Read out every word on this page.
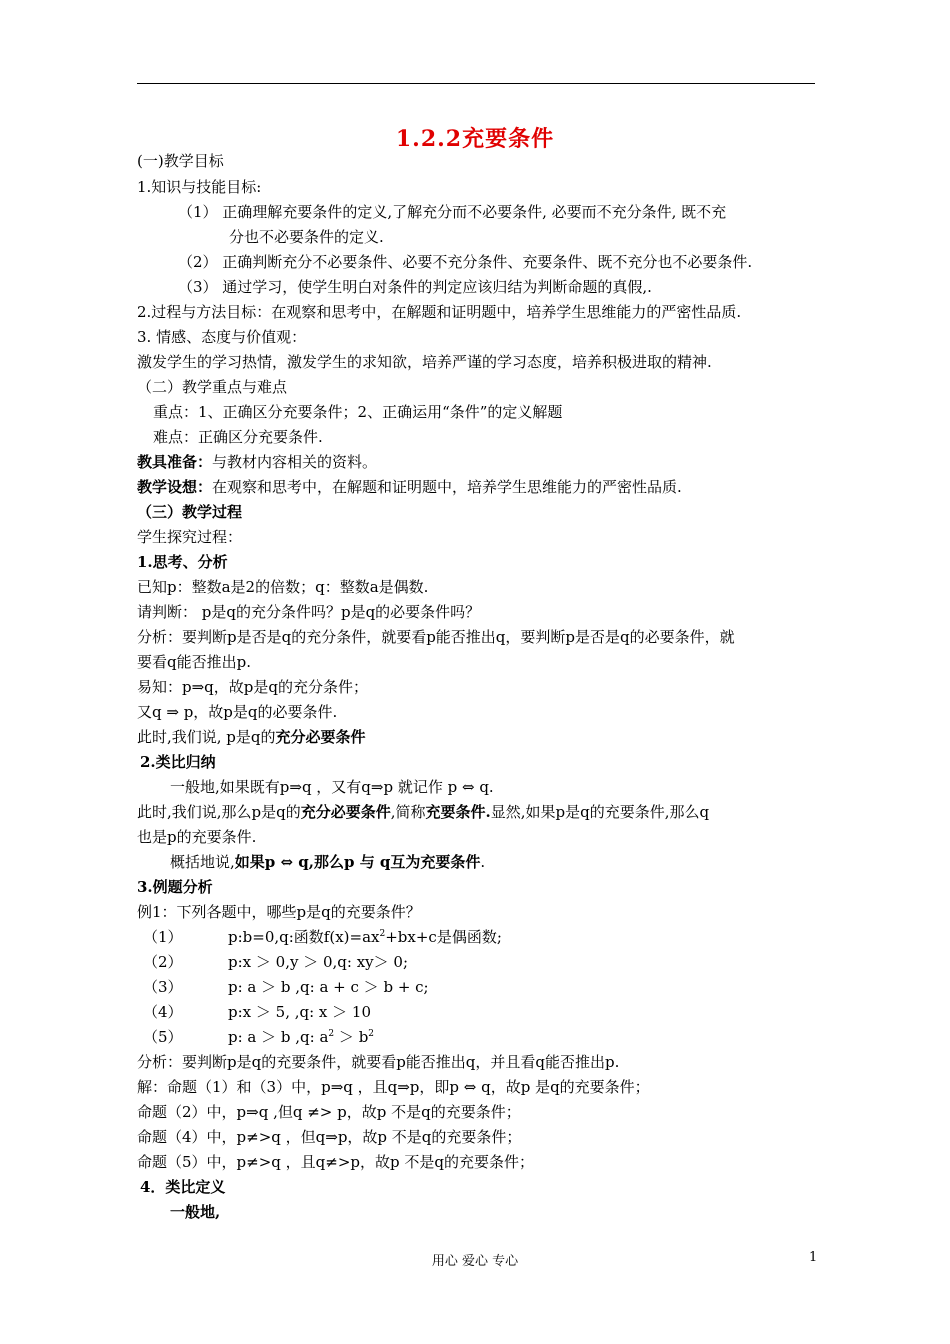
1.2.2充要条件
(一)教学目标
1.知识与技能目标:
（1） 正确理解充要条件的定义,了解充分而不必要条件, 必要而不充分条件, 既不充
分也不必要条件的定义.
（2） 正确判断充分不必要条件、必要不充分条件、充要条件、既不充分也不必要条件.
（3） 通过学习，使学生明白对条件的判定应该归结为判断命题的真假,.
2.过程与方法目标：在观察和思考中，在解题和证明题中，培养学生思维能力的严密性品质.
3. 情感、态度与价值观：
激发学生的学习热情，激发学生的求知欲，培养严谨的学习态度，培养积极进取的精神.
（二）教学重点与难点
重点：1、正确区分充要条件；2、正确运用“条件”的定义解题
难点：正确区分充要条件.
教具准备：与教材内容相关的资料。
教学设想：在观察和思考中，在解题和证明题中，培养学生思维能力的严密性品质.
（三）教学过程
学生探究过程：
1.思考、分析
已知p：整数a是2的倍数；q：整数a是偶数.
请判断： p是q的充分条件吗？p是q的必要条件吗？
分析：要判断p是否是q的充分条件，就要看p能否推出q，要判断p是否是q的必要条件，就
要看q能否推出p.
易知：p⇒q，故p是q的充分条件；
又q ⇒ p，故p是q的必要条件.
此时,我们说, p是q的充分必要条件
2.类比归纳
一般地,如果既有p⇒q ，又有q⇒p 就记作 p ⇔ q.
此时,我们说,那么p是q的充分必要条件,简称充要条件.显然,如果p是q的充要条件,那么q
也是p的充要条件.
概括地说,如果p ⇔ q,那么p 与 q互为充要条件.
3.例题分析
例1：下列各题中，哪些p是q的充要条件？
（1）	p:b=0,q:函数$f(x)=ax^2+bx+c$是偶函数;
（2）	p:x ＞ 0,y ＞ 0,q: xy＞ 0;
（3）	p: a ＞ b ,q: a + c ＞ b + c;
（4）	p:x ＞ 5, ,q: x ＞ 10
（5）	p: a ＞ b ,q: $a^2 > b^2$
分析：要判断p是q的充要条件，就要看p能否推出q，并且看q能否推出p.
解：命题（1）和（3）中，p⇒q ，且q⇒p，即p ⇔ q，故p 是q的充要条件；
命题（2）中，p⇒q ,但q ≠> p，故p 不是q的充要条件；
命题（4）中，p≠>q ，但q⇒p，故p 不是q的充要条件；
命题（5）中，p≠>q ，且q≠>p，故p 不是q的充要条件；
4．类比定义
一般地,
用心 爱心 专心	1
